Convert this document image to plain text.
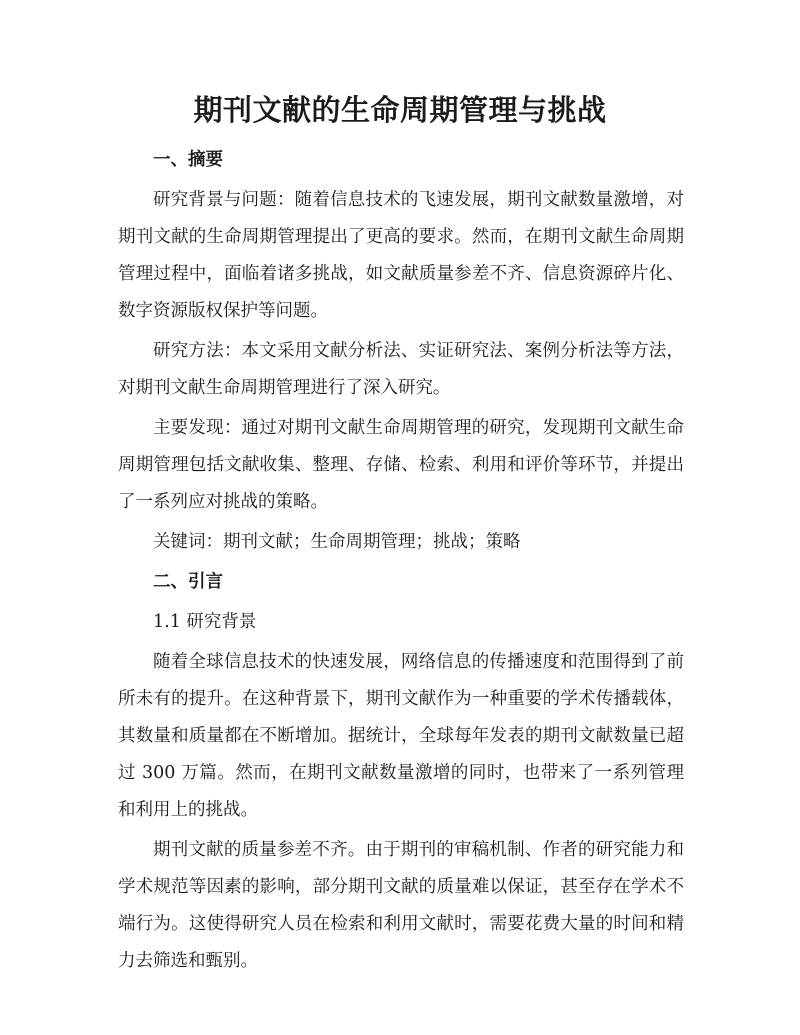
期刊文献的生命周期管理与挑战
一、摘要

研究背景与问题：随着信息技术的飞速发展，期刊文献数量激增，对期刊文献的生命周期管理提出了更高的要求。然而，在期刊文献生命周期管理过程中，面临着诸多挑战，如文献质量参差不齐、信息资源碎片化、数字资源版权保护等问题。

研究方法：本文采用文献分析法、实证研究法、案例分析法等方法，对期刊文献生命周期管理进行了深入研究。

主要发现：通过对期刊文献生命周期管理的研究，发现期刊文献生命周期管理包括文献收集、整理、存储、检索、利用和评价等环节，并提出了一系列应对挑战的策略。

关键词：期刊文献；生命周期管理；挑战；策略

二、引言

1.1 研究背景

随着全球信息技术的快速发展，网络信息的传播速度和范围得到了前所未有的提升。在这种背景下，期刊文献作为一种重要的学术传播载体，其数量和质量都在不断增加。据统计，全球每年发表的期刊文献数量已超过 300 万篇。然而，在期刊文献数量激增的同时，也带来了一系列管理和利用上的挑战。

期刊文献的质量参差不齐。由于期刊的审稿机制、作者的研究能力和学术规范等因素的影响，部分期刊文献的质量难以保证，甚至存在学术不端行为。这使得研究人员在检索和利用文献时，需要花费大量的时间和精力去筛选和甄别。
